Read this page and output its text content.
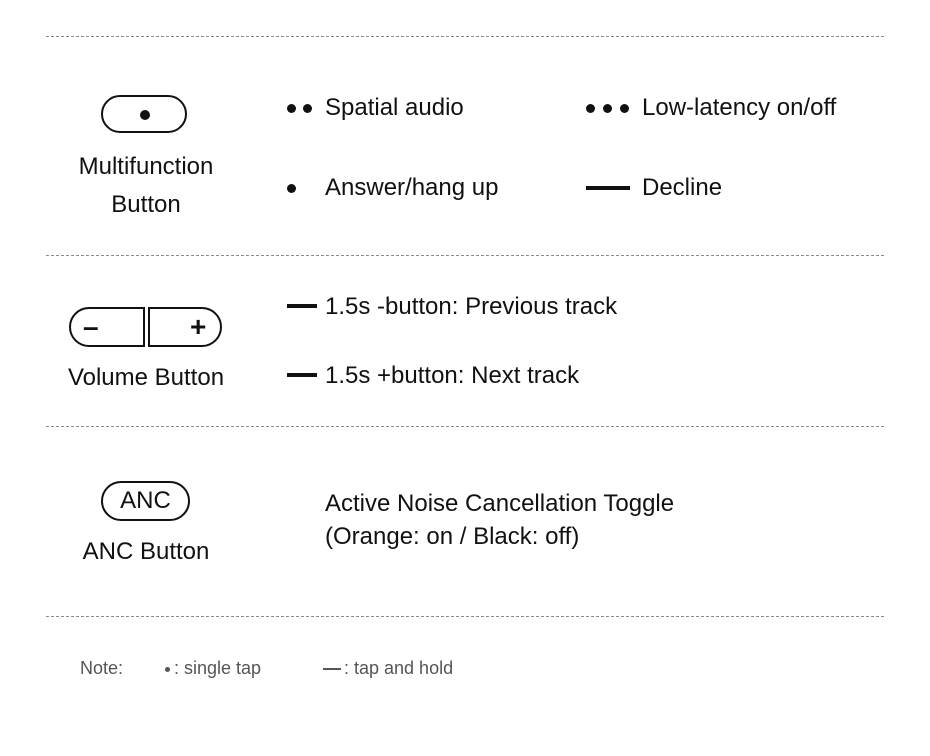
Multifunction
Button
Spatial audio	Low-latency on/off
Answer/hang up	Decline
–	+
Volume Button
1.5s -button: Previous track
1.5s +button: Next track
ANC
ANC Button
Active Noise Cancellation Toggle
(Orange: on / Black: off)
Note:	: single tap	: tap and hold
